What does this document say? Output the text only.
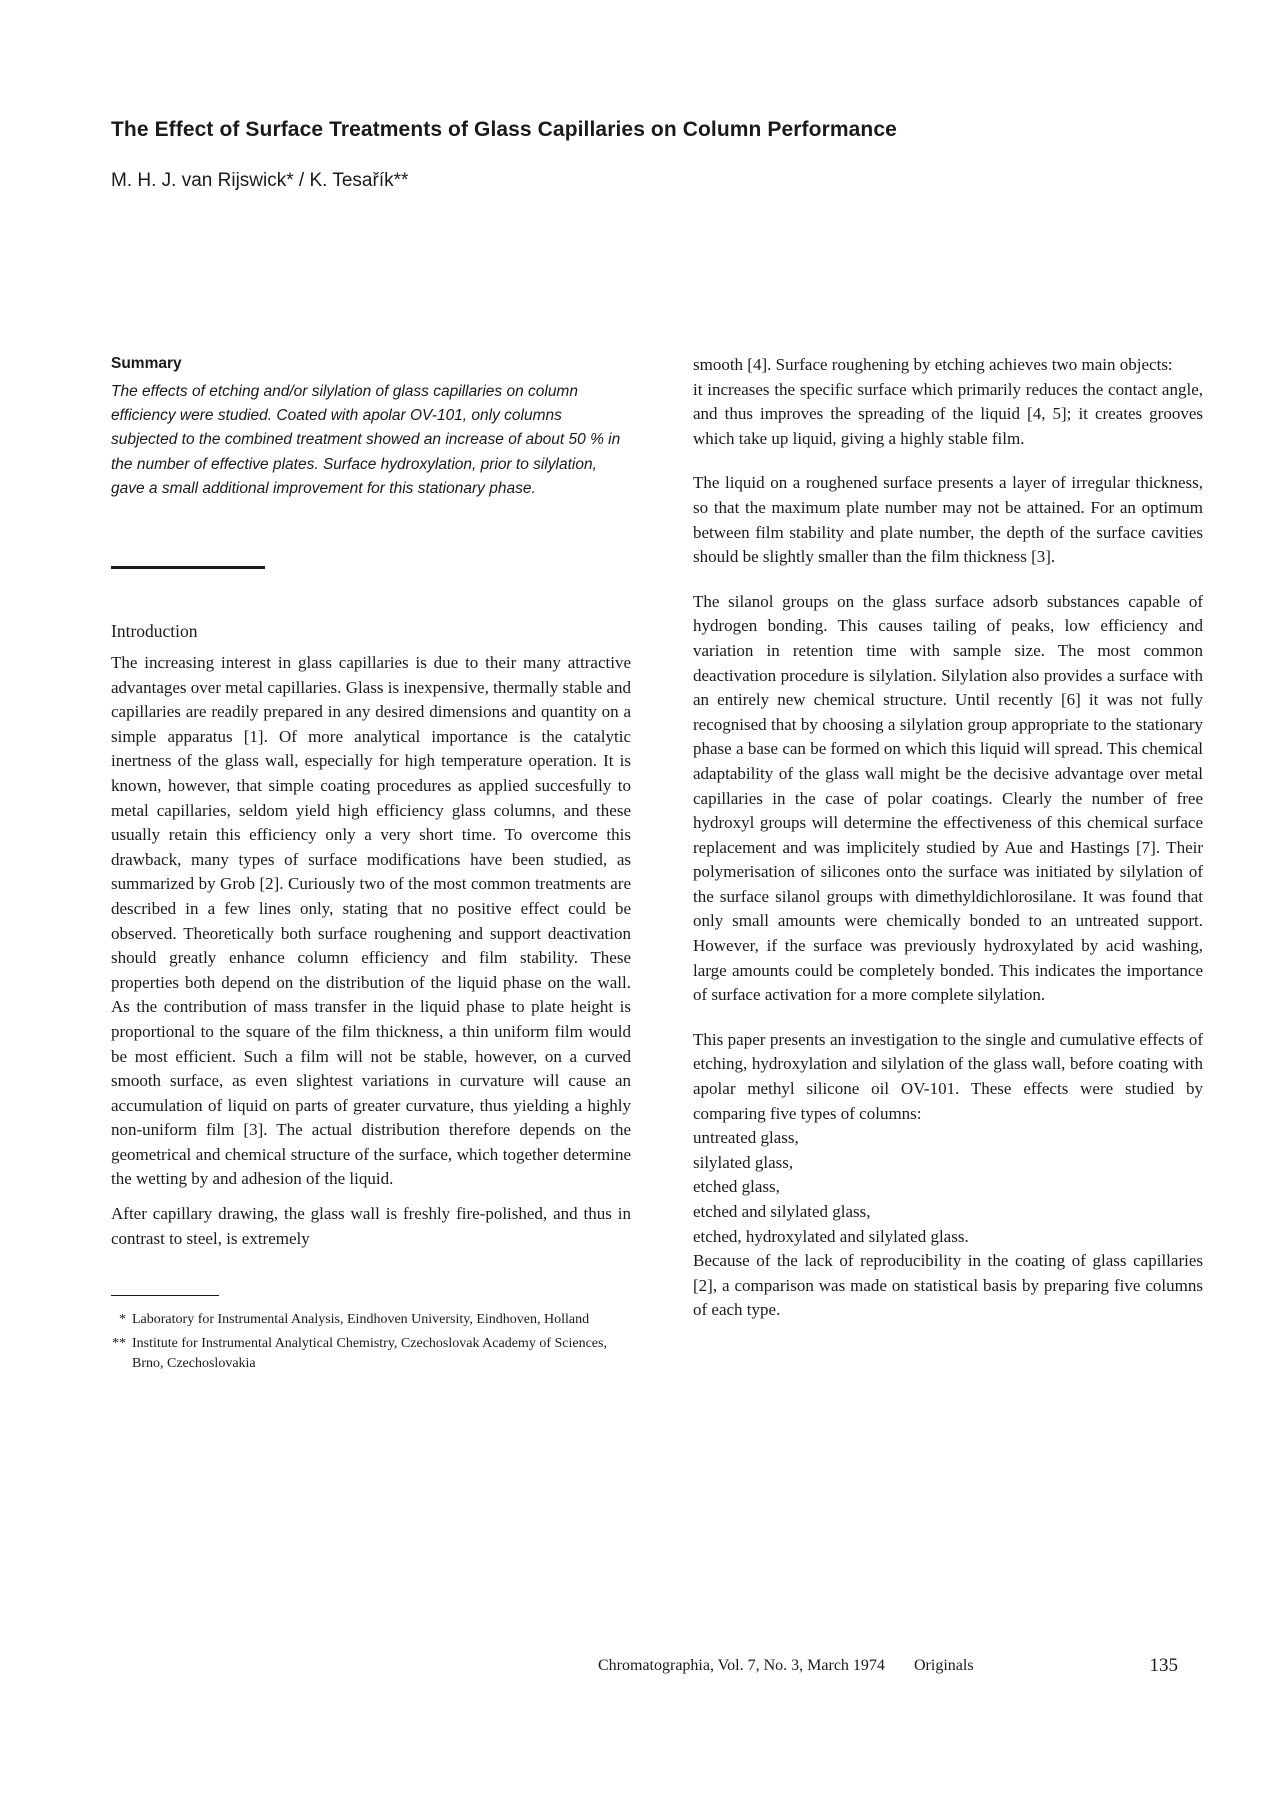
The Effect of Surface Treatments of Glass Capillaries on Column Performance

M. H. J. van Rijswick* / K. Tesařík**

Summary

The effects of etching and/or silylation of glass capillaries on column efficiency were studied. Coated with apolar OV-101, only columns subjected to the combined treatment showed an increase of about 50 % in the number of effective plates. Surface hydroxylation, prior to silylation, gave a small additional improvement for this stationary phase.

Introduction

The increasing interest in glass capillaries is due to their many attractive advantages over metal capillaries. Glass is inexpensive, thermally stable and capillaries are readily prepared in any desired dimensions and quantity on a simple apparatus [1]. Of more analytical importance is the catalytic inertness of the glass wall, especially for high temperature operation. It is known, however, that simple coating procedures as applied succesfully to metal capillaries, seldom yield high efficiency glass columns, and these usually retain this efficiency only a very short time. To overcome this drawback, many types of surface modifications have been studied, as summarized by Grob [2]. Curiously two of the most common treatments are described in a few lines only, stating that no positive effect could be observed. Theoretically both surface roughening and support deactivation should greatly enhance column efficiency and film stability. These properties both depend on the distribution of the liquid phase on the wall. As the contribution of mass transfer in the liquid phase to plate height is proportional to the square of the film thickness, a thin uniform film would be most efficient. Such a film will not be stable, however, on a curved smooth surface, as even slightest variations in curvature will cause an accumulation of liquid on parts of greater curvature, thus yielding a highly non-uniform film [3]. The actual distribution therefore depends on the geometrical and chemical structure of the surface, which together determine the wetting by and adhesion of the liquid.

After capillary drawing, the glass wall is freshly fire-polished, and thus in contrast to steel, is extremely

* Laboratory for Instrumental Analysis, Eindhoven University, Eindhoven, Holland
** Institute for Instrumental Analytical Chemistry, Czechoslovak Academy of Sciences, Brno, Czechoslovakia

smooth [4]. Surface roughening by etching achieves two main objects:

it increases the specific surface which primarily reduces the contact angle, and thus improves the spreading of the liquid [4, 5]; it creates grooves which take up liquid, giving a highly stable film.

The liquid on a roughened surface presents a layer of irregular thickness, so that the maximum plate number may not be attained. For an optimum between film stability and plate number, the depth of the surface cavities should be slightly smaller than the film thickness [3].

The silanol groups on the glass surface adsorb substances capable of hydrogen bonding. This causes tailing of peaks, low efficiency and variation in retention time with sample size. The most common deactivation procedure is silylation. Silylation also provides a surface with an entirely new chemical structure. Until recently [6] it was not fully recognised that by choosing a silylation group appropriate to the stationary phase a base can be formed on which this liquid will spread. This chemical adaptability of the glass wall might be the decisive advantage over metal capillaries in the case of polar coatings. Clearly the number of free hydroxyl groups will determine the effectiveness of this chemical surface replacement and was implicitely studied by Aue and Hastings [7]. Their polymerisation of silicones onto the surface was initiated by silylation of the surface silanol groups with dimethyldichlorosilane. It was found that only small amounts were chemically bonded to an untreated support. However, if the surface was previously hydroxylated by acid washing, large amounts could be completely bonded. This indicates the importance of surface activation for a more complete silylation.

This paper presents an investigation to the single and cumulative effects of etching, hydroxylation and silylation of the glass wall, before coating with apolar methyl silicone oil OV-101. These effects were studied by comparing five types of columns:

untreated glass,
silylated glass,
etched glass,
etched and silylated glass,
etched, hydroxylated and silylated glass.

Because of the lack of reproducibility in the coating of glass capillaries [2], a comparison was made on statistical basis by preparing five columns of each type.

Chromatographia, Vol. 7, No. 3, March 1974 Originals	135
